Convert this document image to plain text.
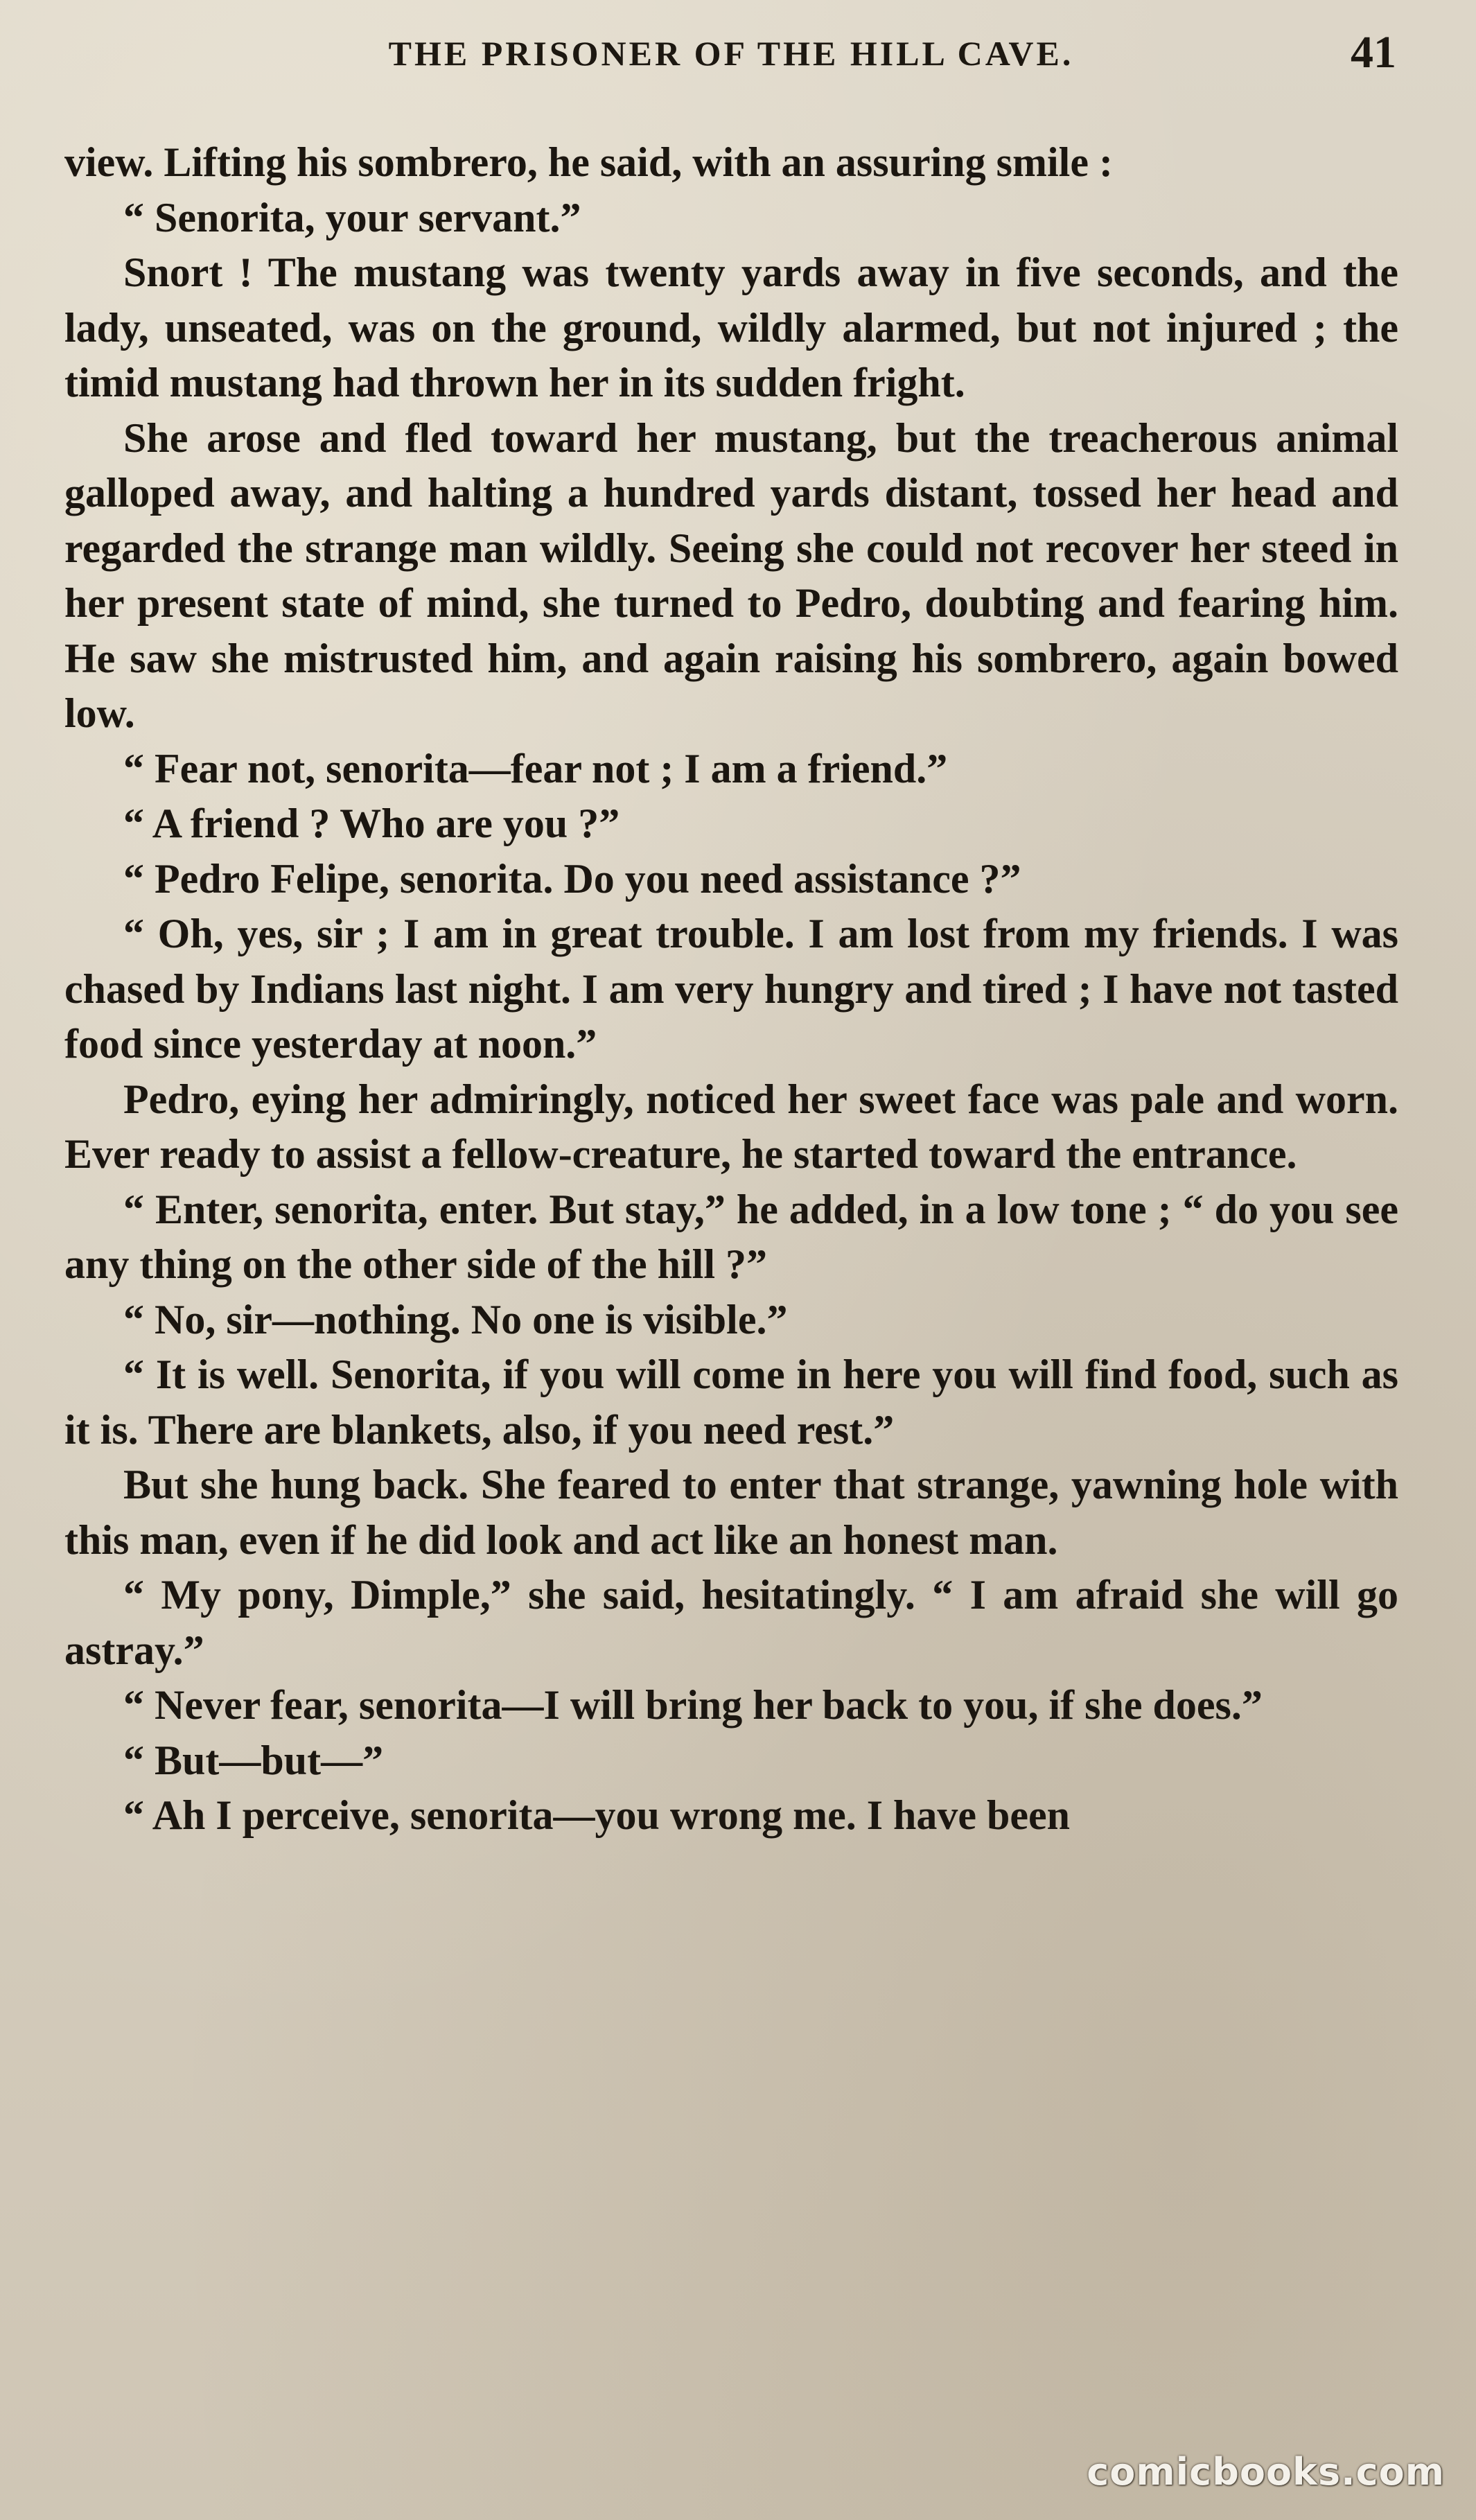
THE PRISONER OF THE HILL CAVE.	41

view. Lifting his sombrero, he said, with an assuring smile :

“ Senorita, your servant.”

Snort ! The mustang was twenty yards away in five seconds, and the lady, unseated, was on the ground, wildly alarmed, but not injured ; the timid mustang had thrown her in its sudden fright.

She arose and fled toward her mustang, but the treacherous animal galloped away, and halting a hundred yards distant, tossed her head and regarded the strange man wildly. Seeing she could not recover her steed in her present state of mind, she turned to Pedro, doubting and fearing him. He saw she mistrusted him, and again raising his sombrero, again bowed low.

“ Fear not, senorita—fear not ; I am a friend.”

“ A friend ? Who are you ?”

“ Pedro Felipe, senorita. Do you need assistance ?”

“ Oh, yes, sir ; I am in great trouble. I am lost from my friends. I was chased by Indians last night. I am very hungry and tired ; I have not tasted food since yesterday at noon.”

Pedro, eying her admiringly, noticed her sweet face was pale and worn. Ever ready to assist a fellow-creature, he started toward the entrance.

“ Enter, senorita, enter. But stay,” he added, in a low tone ; “ do you see any thing on the other side of the hill ?”

“ No, sir—nothing. No one is visible.”

“ It is well. Senorita, if you will come in here you will find food, such as it is. There are blankets, also, if you need rest.”

But she hung back. She feared to enter that strange, yawning hole with this man, even if he did look and act like an honest man.

“ My pony, Dimple,” she said, hesitatingly. “ I am afraid she will go astray.”

“ Never fear, senorita—I will bring her back to you, if she does.”

“ But—but—”

“ Ah I perceive, senorita—you wrong me. I have been

comicbooks.com
